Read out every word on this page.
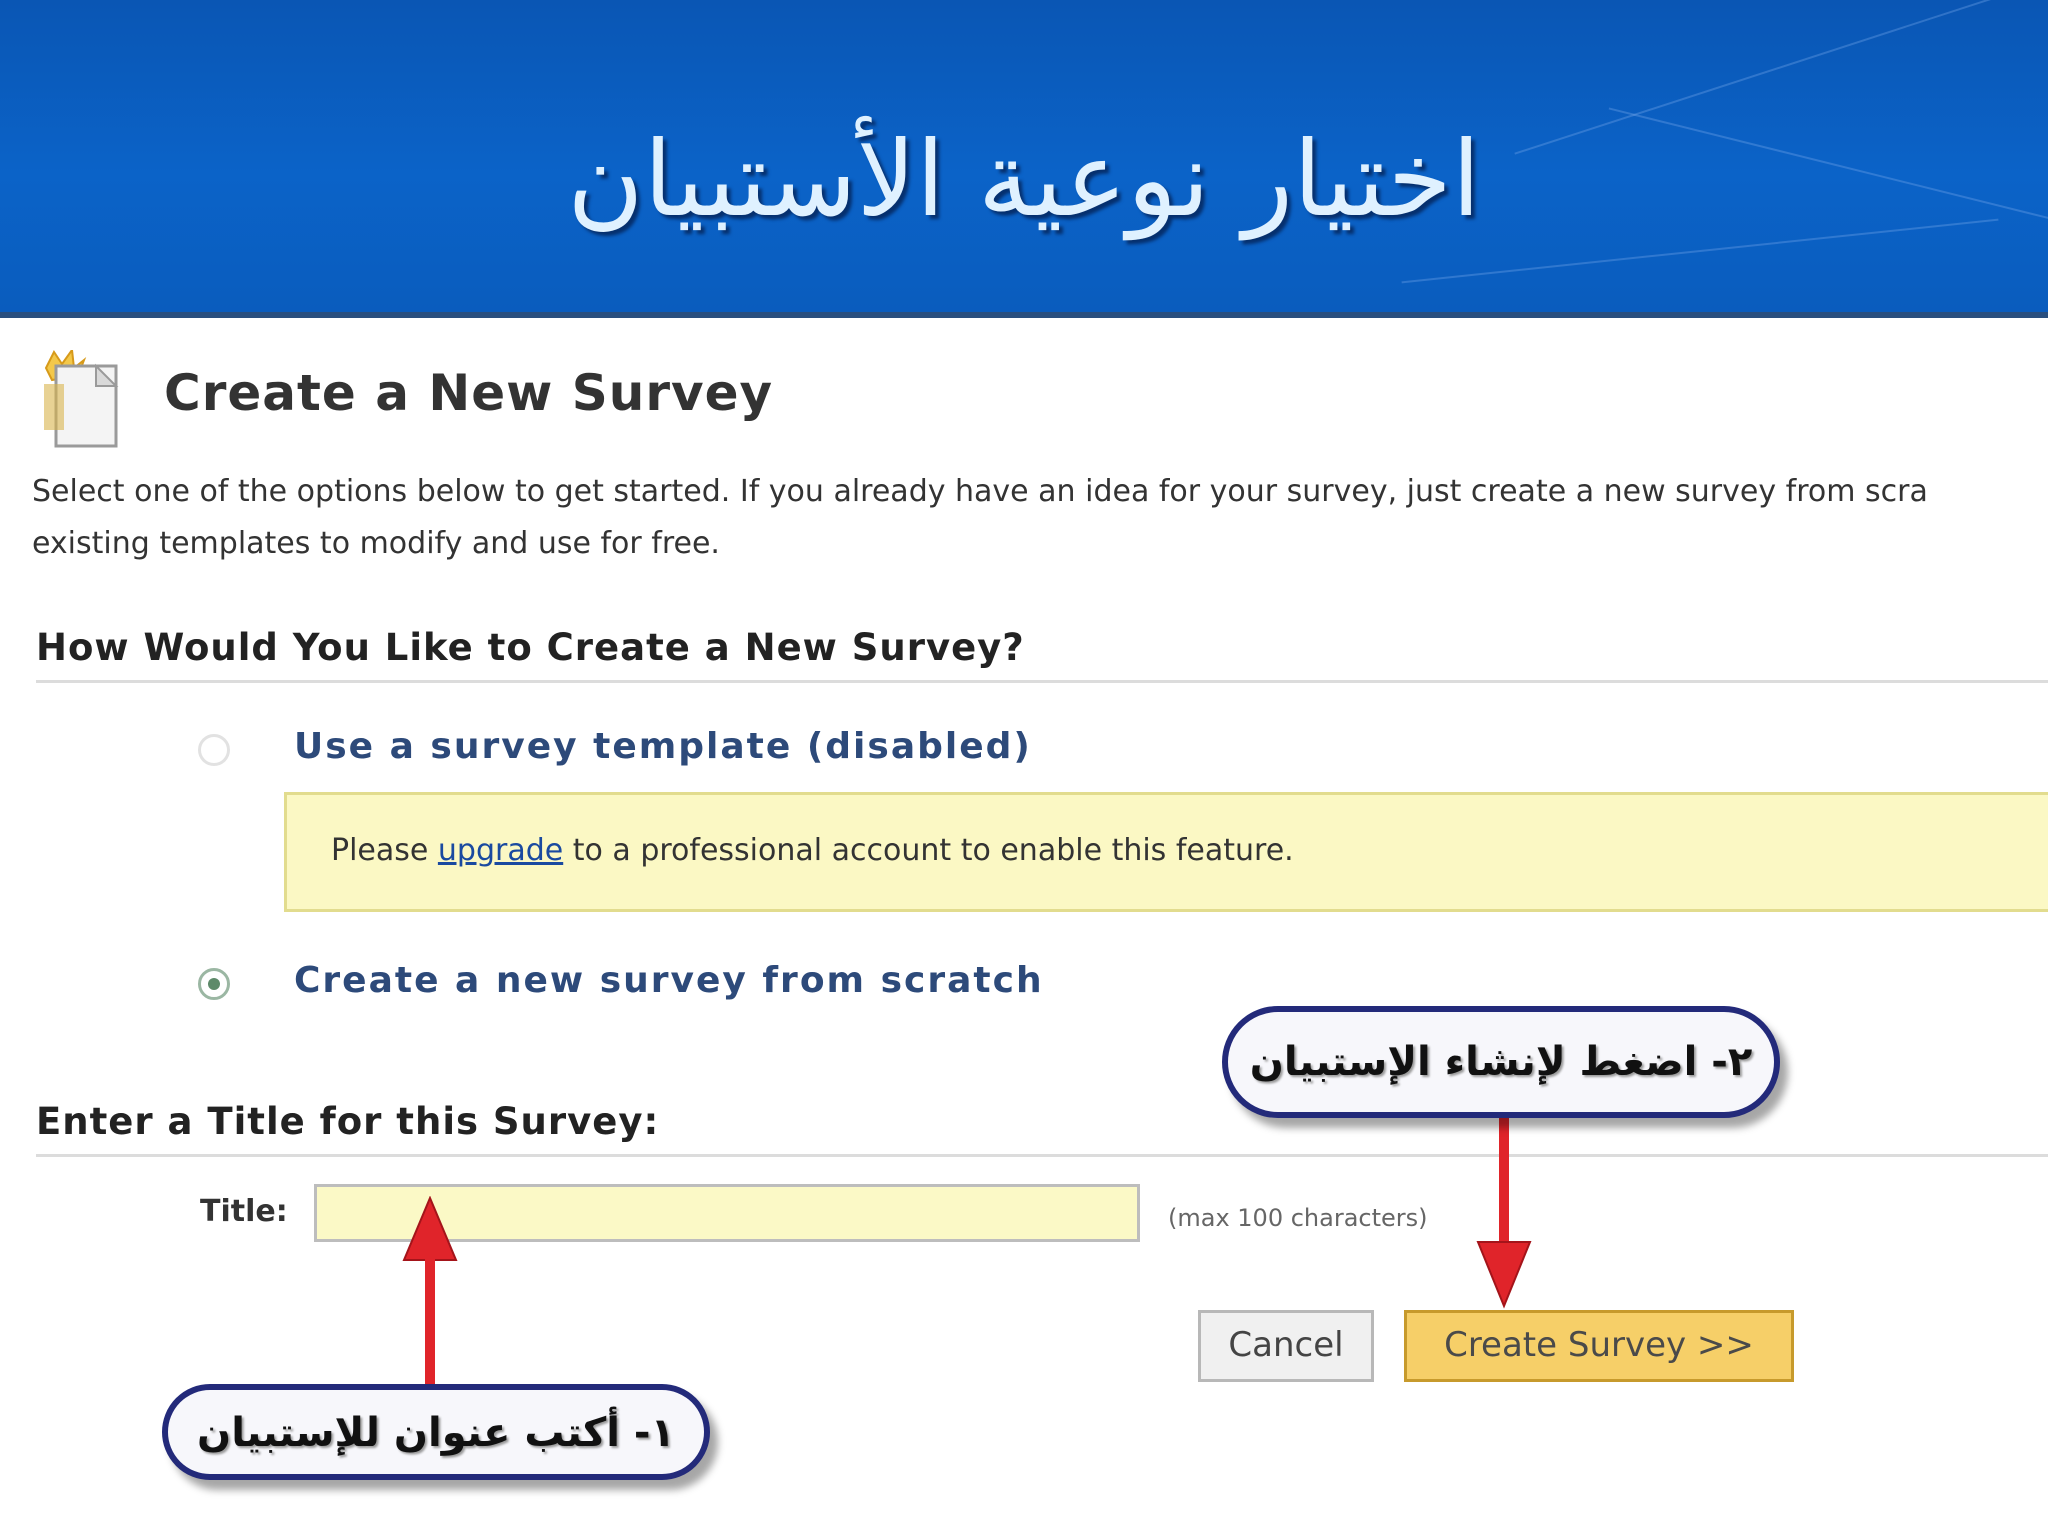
اختيار نوعية الأستبيان
Create a New Survey
Select one of the options below to get started. If you already have an idea for your survey, just create a new survey from scra
existing templates to modify and use for free.
How Would You Like to Create a New Survey?
Use a survey template (disabled)
Please upgrade to a professional account to enable this feature.
Create a new survey from scratch
Enter a Title for this Survey:
Title:	(max 100 characters)
Cancel	Create Survey >>
٢- اضغط لإنشاء الإستبيان
١- أكتب عنوان للإستبيان
